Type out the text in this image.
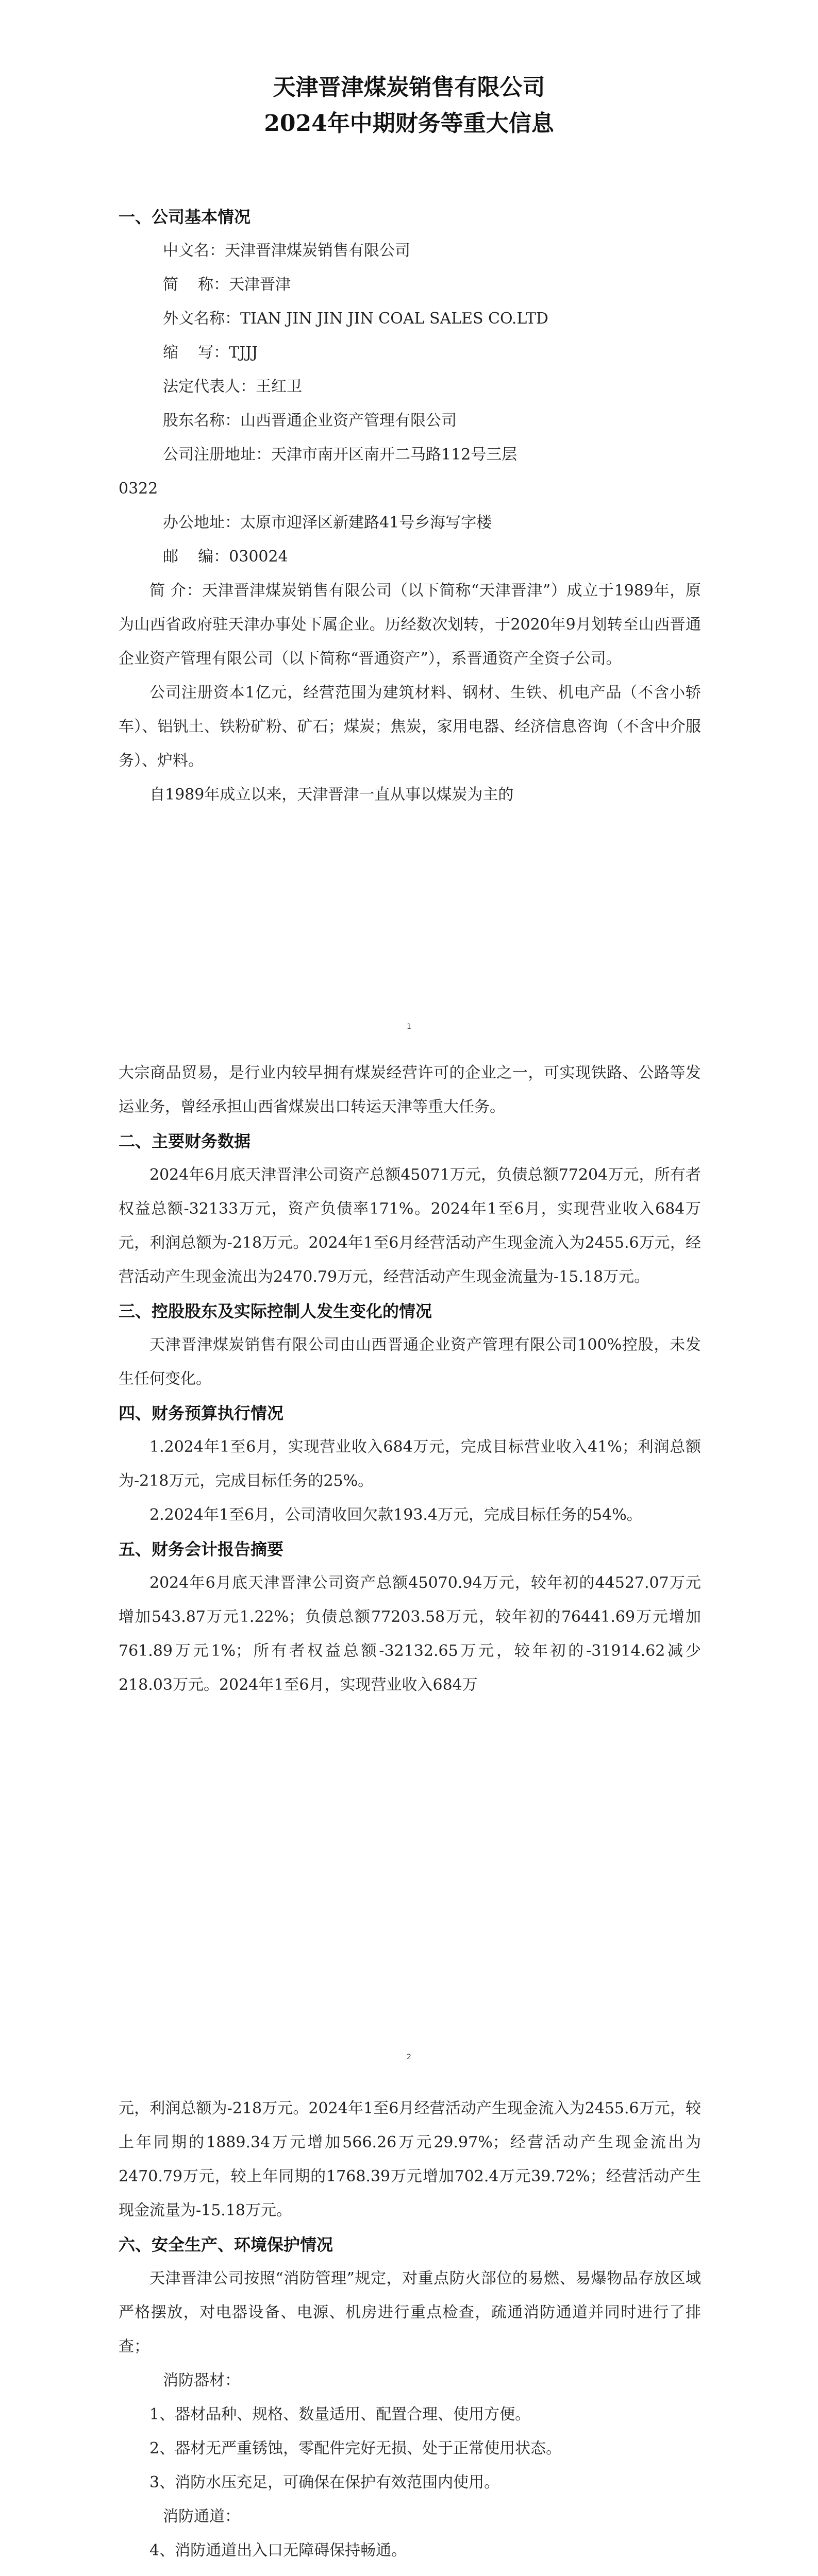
天津晋津煤炭销售有限公司
2024年中期财务等重大信息
一、公司基本情况
中文名：天津晋津煤炭销售有限公司
简    称：天津晋津
外文名称：TIAN JIN JIN JIN COAL SALES CO.LTD
缩    写：TJJJ
法定代表人：王红卫
股东名称：山西晋通企业资产管理有限公司
公司注册地址：天津市南开区南开二马路112号三层
0322
办公地址：太原市迎泽区新建路41号乡海写字楼
邮    编：030024

简 介：天津晋津煤炭销售有限公司（以下简称“天津晋津”）成立于1989年，原为山西省政府驻天津办事处下属企业。历经数次划转，于2020年9月划转至山西晋通企业资产管理有限公司（以下简称“晋通资产”），系晋通资产全资子公司。

公司注册资本1亿元，经营范围为建筑材料、钢材、生铁、机电产品（不含小轿车）、铝钒土、铁粉矿粉、矿石；煤炭；焦炭，家用电器、经济信息咨询（不含中介服务）、炉料。

自1989年成立以来，天津晋津一直从事以煤炭为主的

1

大宗商品贸易，是行业内较早拥有煤炭经营许可的企业之一，可实现铁路、公路等发运业务，曾经承担山西省煤炭出口转运天津等重大任务。

二、主要财务数据

2024年6月底天津晋津公司资产总额45071万元，负债总额77204万元，所有者权益总额-32133万元，资产负债率171%。2024年1至6月，实现营业收入684万元，利润总额为-218万元。2024年1至6月经营活动产生现金流入为2455.6万元，经营活动产生现金流出为2470.79万元，经营活动产生现金流量为-15.18万元。

三、控股股东及实际控制人发生变化的情况

天津晋津煤炭销售有限公司由山西晋通企业资产管理有限公司100%控股，未发生任何变化。

四、财务预算执行情况

1.2024年1至6月，实现营业收入684万元，完成目标营业收入41%；利润总额为-218万元，完成目标任务的25%。

2.2024年1至6月，公司清收回欠款193.4万元，完成目标任务的54%。

五、财务会计报告摘要

2024年6月底天津晋津公司资产总额45070.94万元，较年初的44527.07万元增加543.87万元1.22%；负债总额77203.58万元，较年初的76441.69万元增加761.89万元1%；所有者权益总额-32132.65万元，较年初的-31914.62减少218.03万元。2024年1至6月，实现营业收入684万

2

元，利润总额为-218万元。2024年1至6月经营活动产生现金流入为2455.6万元，较上年同期的1889.34万元增加566.26万元29.97%；经营活动产生现金流出为2470.79万元，较上年同期的1768.39万元增加702.4万元39.72%；经营活动产生现金流量为-15.18万元。

六、安全生产、环境保护情况

天津晋津公司按照“消防管理”规定，对重点防火部位的易燃、易爆物品存放区域严格摆放，对电器设备、电源、机房进行重点检查，疏通消防通道并同时进行了排查；

消防器材：

1、器材品种、规格、数量适用、配置合理、使用方便。

2、器材无严重锈蚀，零配件完好无损、处于正常使用状态。

3、消防水压充足，可确保在保护有效范围内使用。

消防通道：

4、消防通道出入口无障碍保持畅通。
